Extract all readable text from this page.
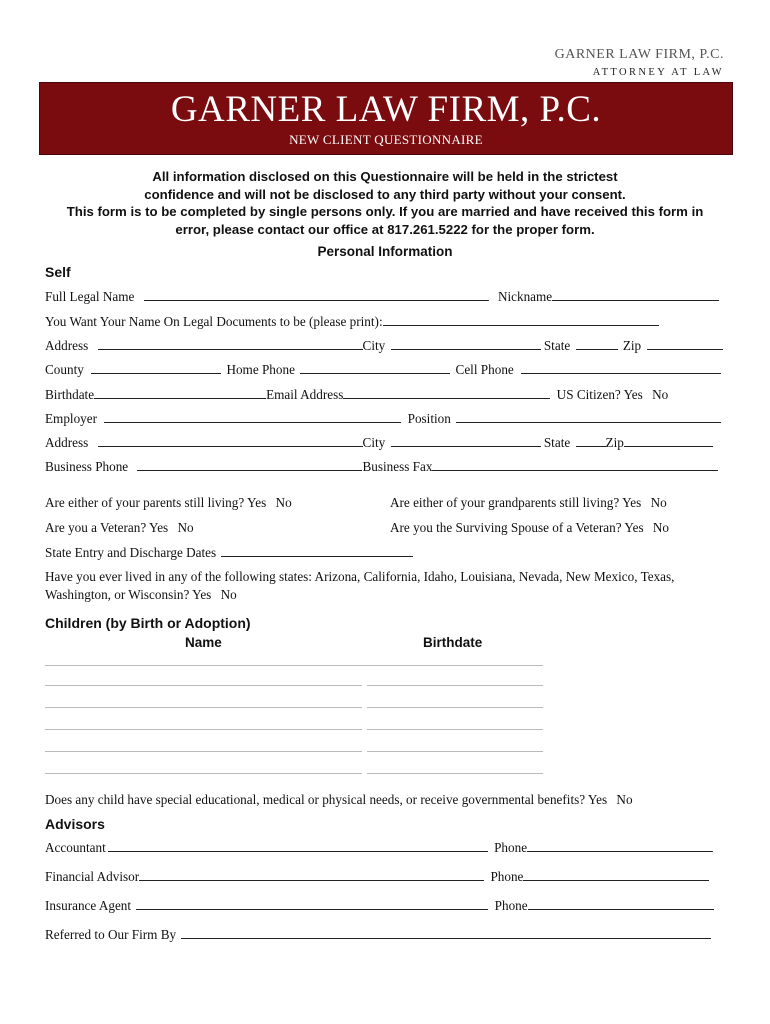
GARNER LAW FIRM, P.C.
ATTORNEY AT LAW
GARNER LAW FIRM, P.C.
NEW CLIENT QUESTIONNAIRE
All information disclosed on this Questionnaire will be held in the strictest
confidence and will not be disclosed to any third party without your consent.
This form is to be completed by single persons only. If you are married and have received this form in
error, please contact our office at 817.261.5222 for the proper form.
Personal Information
Self
Full Legal Name	Nickname
You Want Your Name On Legal Documents to be (please print):
Address	City	State	Zip
County	Home Phone	Cell Phone
Birthdate	Email Address	US Citizen? Yes No
Employer	Position
Address	City	State	Zip
Business Phone	Business Fax
Are either of your parents still living? Yes No	Are either of your grandparents still living? Yes No
Are you a Veteran? Yes No	Are you the Surviving Spouse of a Veteran? Yes No
State Entry and Discharge Dates
Have you ever lived in any of the following states: Arizona, California, Idaho, Louisiana, Nevada, New Mexico, Texas,
Washington, or Wisconsin? Yes No
Children (by Birth or Adoption)
Name	Birthdate
Does any child have special educational, medical or physical needs, or receive governmental benefits? Yes No
Advisors
Accountant	Phone
Financial Advisor	Phone
Insurance Agent	Phone
Referred to Our Firm By
